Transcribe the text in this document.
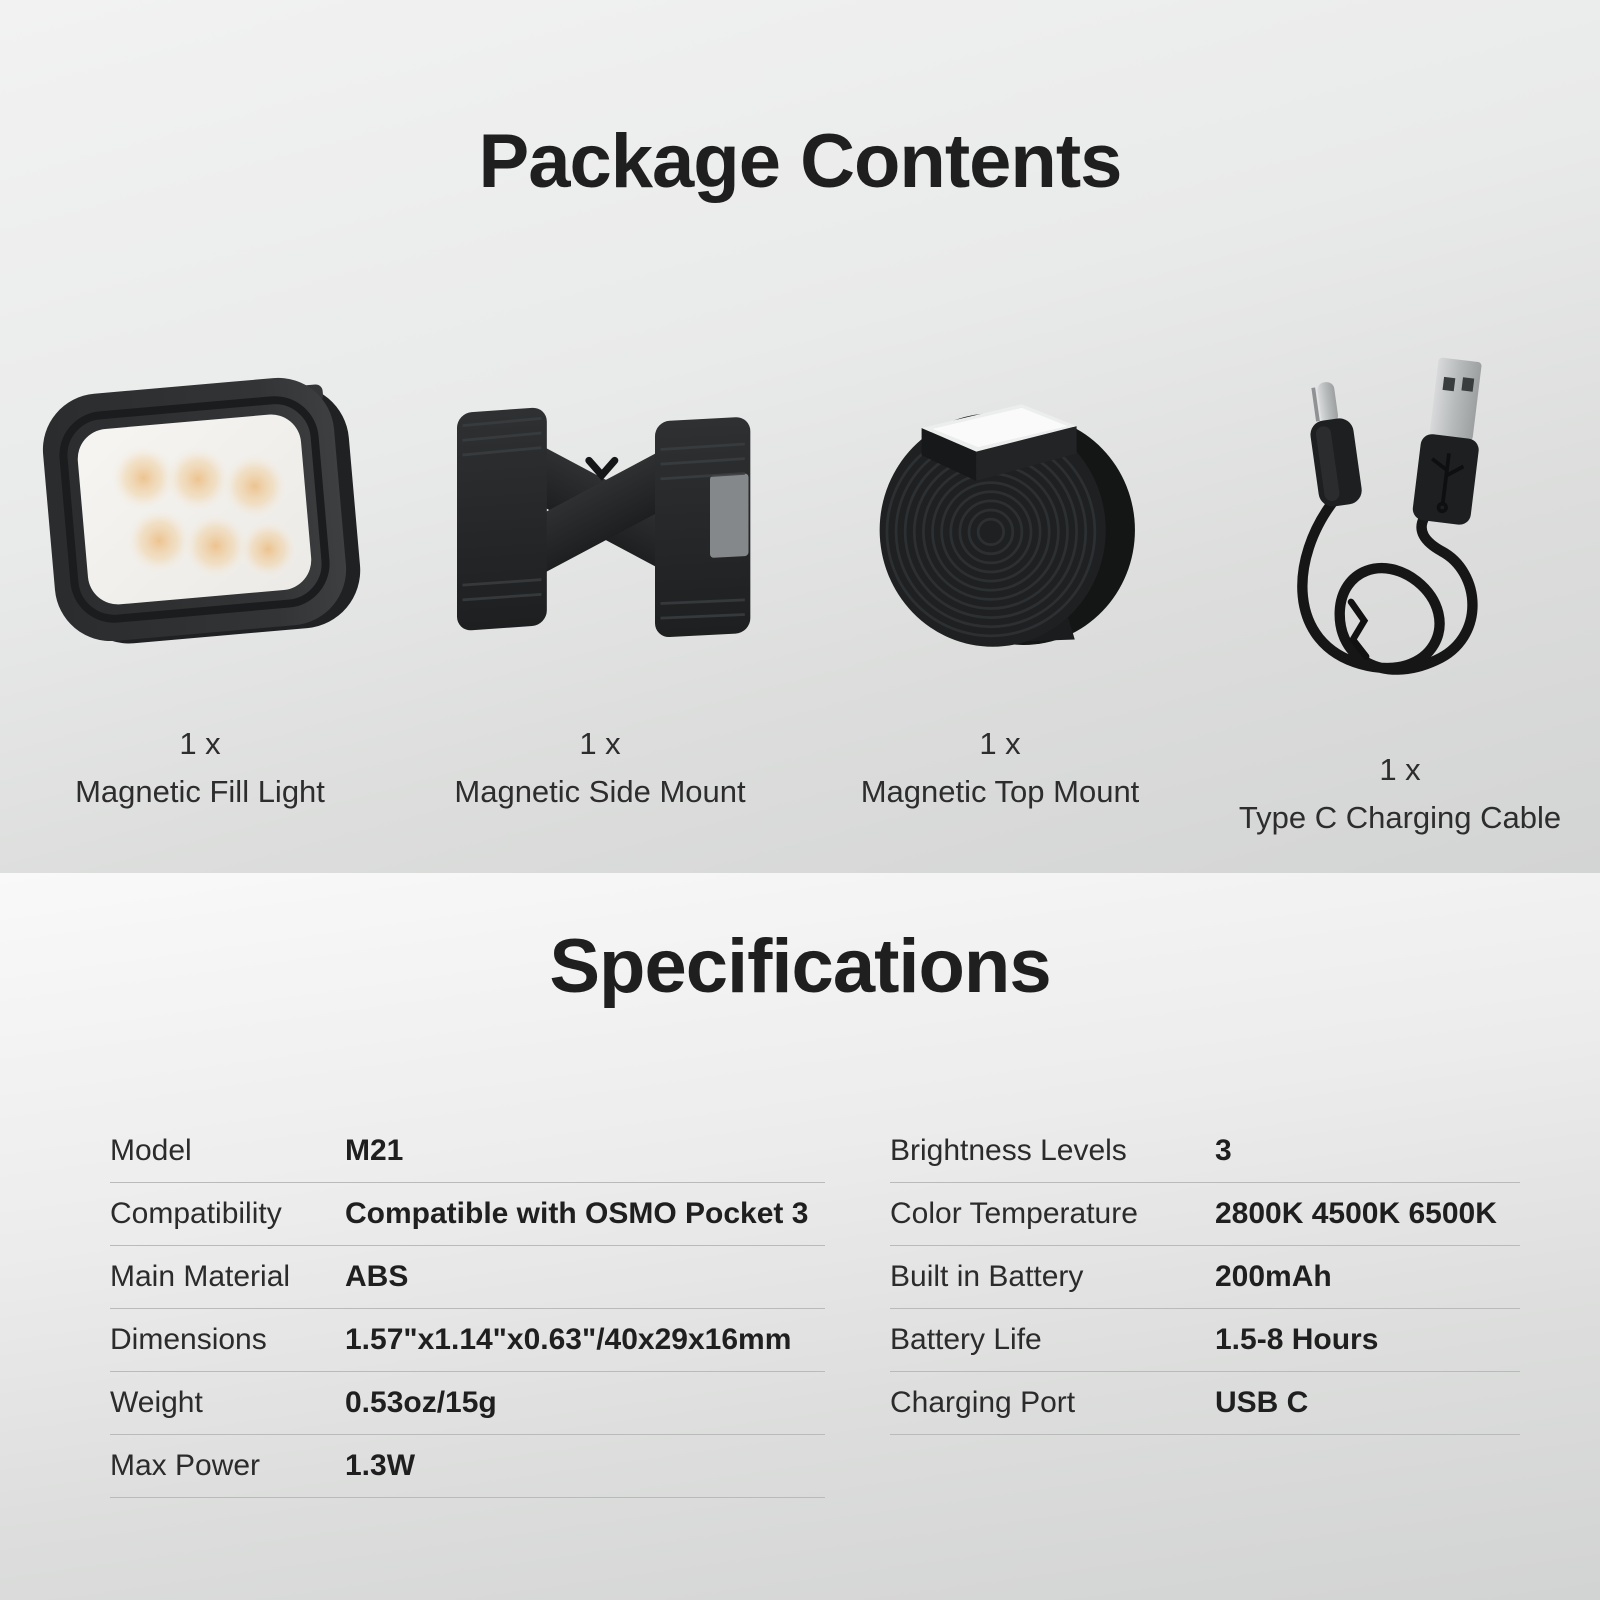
Package Contents
1 x
Magnetic Fill Light
1 x
Magnetic Side Mount
1 x
Magnetic Top Mount
1 x
Type C Charging Cable
Specifications
Model	M21
Compatibility	Compatible with OSMO Pocket 3
Main Material	ABS
Dimensions	1.57"x1.14"x0.63"/40x29x16mm
Weight	0.53oz/15g
Max Power	1.3W
Brightness Levels	3
Color Temperature	2800K 4500K 6500K
Built in Battery	200mAh
Battery Life	1.5-8 Hours
Charging Port	USB C
